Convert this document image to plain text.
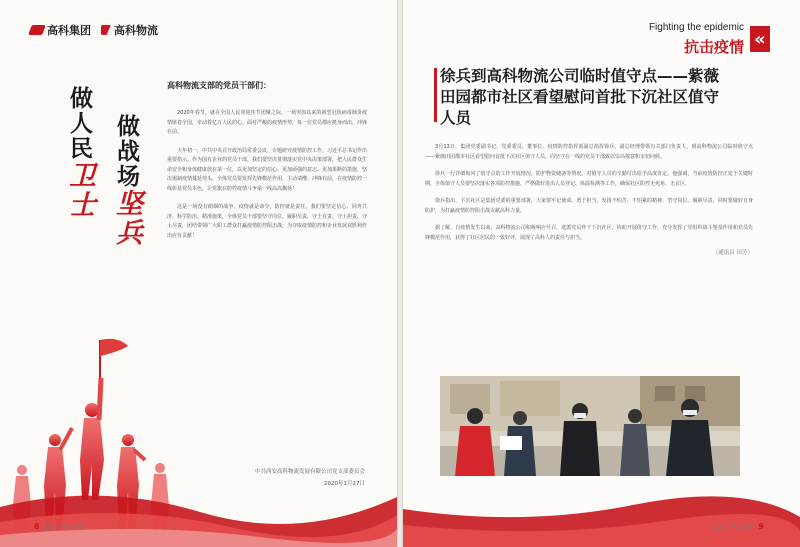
高科集团 高科物流
做人民卫士
做战场坚兵
高科物流支部的党员干部们：

2020年春节，就在全国人民喜迎佳节团聚之际，一场突如其来的新型冠状病毒肺炎疫情席卷全国，牵动着亿万人民的心。面对严峻的疫情形势，每一位党员都应挺身而出、冲锋在前。

大年初一，中共中央召开政治局常委会议，专题研究疫情防控工作，习近平总书记作出重要指示。作为国有企业的党员干部，我们要坚决贯彻落实党中央决策部署，把人民群众生命安全和身体健康放在第一位，以更加坚定的信心、更加顽强的意志、更加果断的措施，坚决遏制疫情蔓延势头。全体党员要发挥先锋模范作用，主动请缨、冲锋在前，在疫情防控一线彰显党员本色，让党旗在防控疫情斗争第一线高高飘扬！

这是一场没有硝烟的战争，疫情就是命令，防控就是责任。我们要坚定信心、同舟共济、科学防治、精准施策，全体党员干部要坚守岗位、履职尽责，守土有责、守土担责、守土尽责，团结带领广大职工群众打赢疫情防控阻击战，为夺取疫情防控和企业发展双胜利作出应有贡献！

中共西安高科物流发展有限公司党支部委员会
2020年1月27日
8 2020 同心刊刊
Fighting the epidemic
抗击疫情 «
徐兵到高科物流公司临时值守点——紫薇田园都市社区看望慰问首批下沉社区值守人员

3月13日，集团党委副书记、党委委员、董事长、疫情防控指挥部副总指挥徐兵，副总经理带领有关部门负责人，到高科物流公司临时值守点——紫薇田园都市社区看望慰问首批下沉社区值守人员，向坚守在一线的党员干部致以崇高敬意和亲切问候。

徐兵一行详细询问了值守点的工作开展情况、防护物资储备等情况，对值守人员的辛勤付出给予高度肯定。他强调，当前疫情防控正处于关键时期，全体值守人员要坚决落实各项防控措施，严格做好进出人员登记、体温检测等工作，确保社区防控无死角、无盲区。

徐兵指出，下沉社区是集团党委的重要部署，大家要牢记使命、勇于担当，发扬不怕苦、不怕累的精神，坚守岗位、履职尽责，同时要做好自身防护，为打赢疫情防控阻击战贡献高科力量。

据了解，自疫情发生以来，高科物流公司积极响应号召，选派党员骨干下沉社区，协助开展值守工作，充分发挥了党组织战斗堡垒作用和党员先锋模范作用，获得了社区居民的一致好评，展现了高科人的责任与担当。

（通讯员 田芳）
2020 同心刊刊 9
